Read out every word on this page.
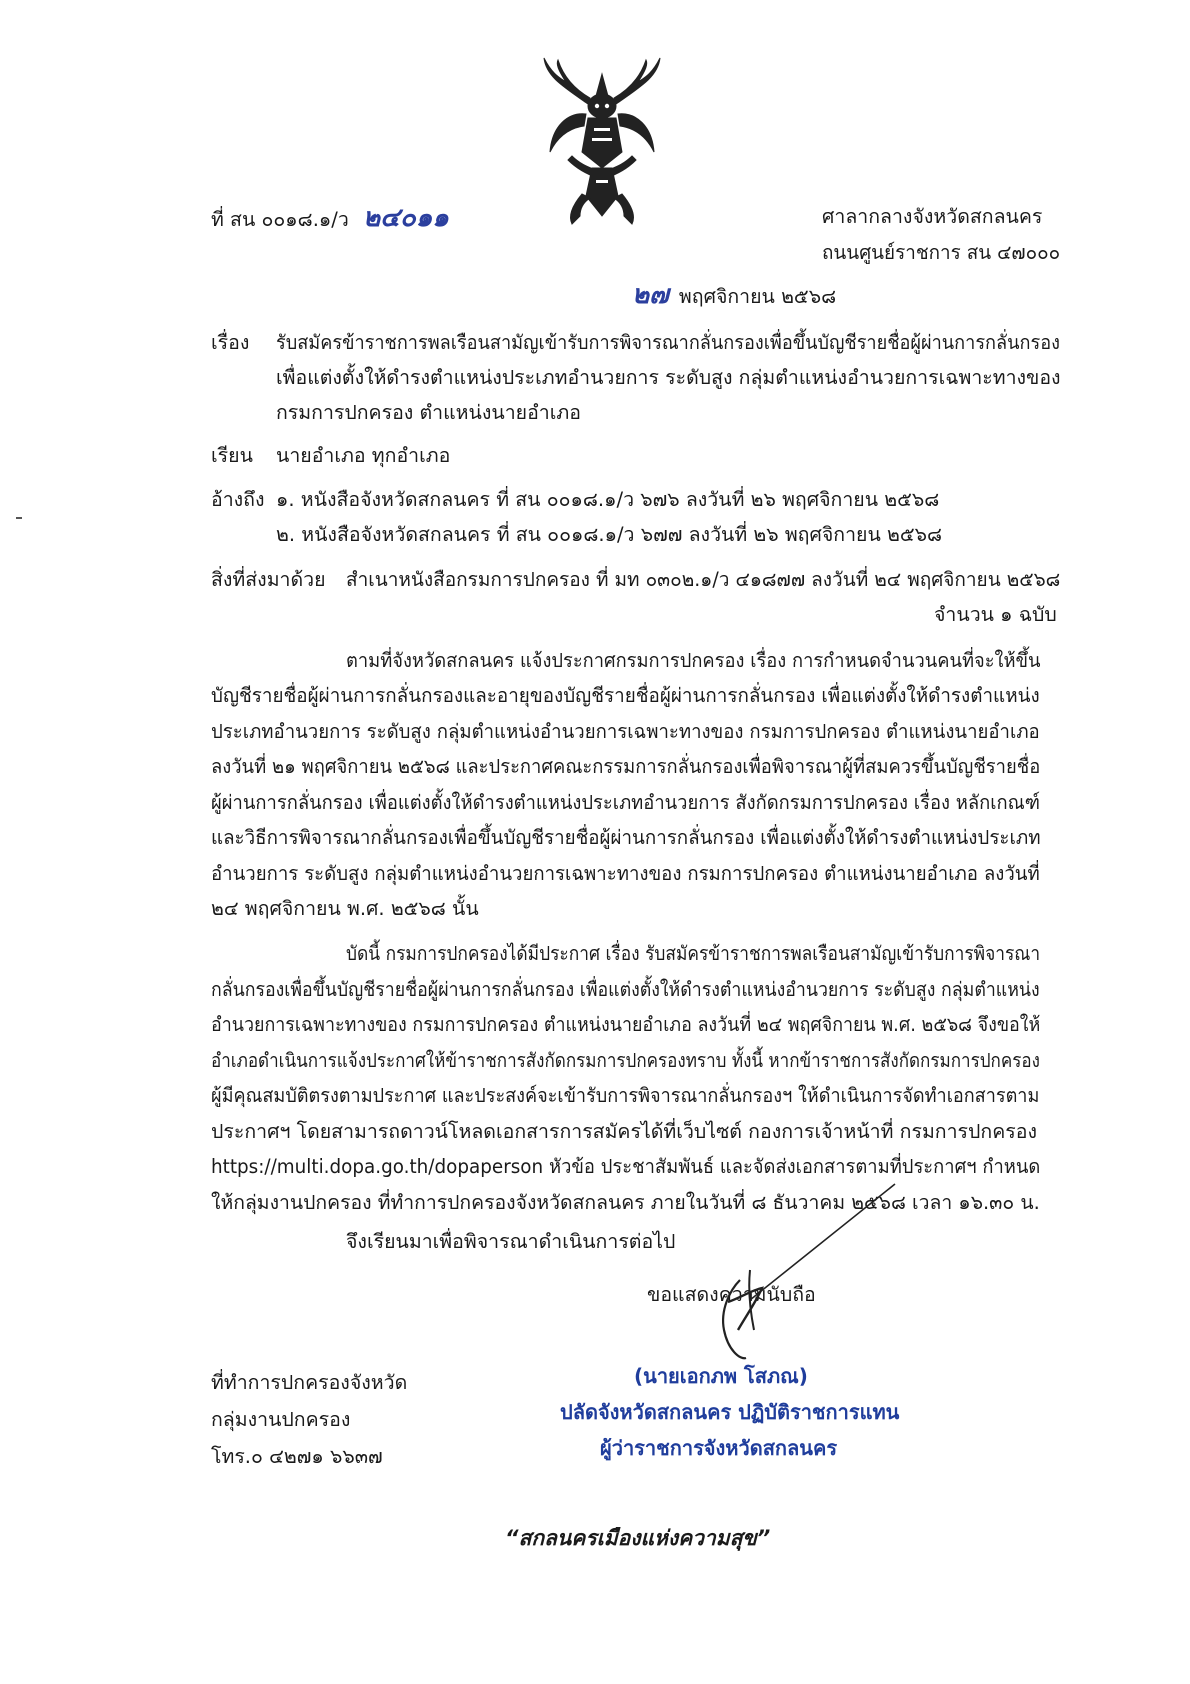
ที่ สน ๐๐๑๘.๑/ว ๒๔๐๑๑	ศาลากลางจังหวัดสกลนคร
ถนนศูนย์ราชการ สน ๔๗๐๐๐
๒๗ พฤศจิกายน ๒๕๖๘
เรื่อง รับสมัครข้าราชการพลเรือนสามัญเข้ารับการพิจารณากลั่นกรองเพื่อขึ้นบัญชีรายชื่อผู้ผ่านการกลั่นกรอง
เพื่อแต่งตั้งให้ดำรงตำแหน่งประเภทอำนวยการ ระดับสูง กลุ่มตำแหน่งอำนวยการเฉพาะทางของ
กรมการปกครอง ตำแหน่งนายอำเภอ
เรียน นายอำเภอ ทุกอำเภอ
อ้างถึง ๑. หนังสือจังหวัดสกลนคร ที่ สน ๐๐๑๘.๑/ว ๖๗๖ ลงวันที่ ๒๖ พฤศจิกายน ๒๕๖๘
๒. หนังสือจังหวัดสกลนคร ที่ สน ๐๐๑๘.๑/ว ๖๗๗ ลงวันที่ ๒๖ พฤศจิกายน ๒๕๖๘
สิ่งที่ส่งมาด้วย สำเนาหนังสือกรมการปกครอง ที่ มท ๐๓๐๒.๑/ว ๔๑๘๗๗ ลงวันที่ ๒๔ พฤศจิกายน ๒๕๖๘
จำนวน ๑ ฉบับ
ตามที่จังหวัดสกลนคร แจ้งประกาศกรมการปกครอง เรื่อง การกำหนดจำนวนคนที่จะให้ขึ้น
บัญชีรายชื่อผู้ผ่านการกลั่นกรองและอายุของบัญชีรายชื่อผู้ผ่านการกลั่นกรอง เพื่อแต่งตั้งให้ดำรงตำแหน่ง
ประเภทอำนวยการ ระดับสูง กลุ่มตำแหน่งอำนวยการเฉพาะทางของ กรมการปกครอง ตำแหน่งนายอำเภอ
ลงวันที่ ๒๑ พฤศจิกายน ๒๕๖๘ และประกาศคณะกรรมการกลั่นกรองเพื่อพิจารณาผู้ที่สมควรขึ้นบัญชีรายชื่อ
ผู้ผ่านการกลั่นกรอง เพื่อแต่งตั้งให้ดำรงตำแหน่งประเภทอำนวยการ สังกัดกรมการปกครอง เรื่อง หลักเกณฑ์
และวิธีการพิจารณากลั่นกรองเพื่อขึ้นบัญชีรายชื่อผู้ผ่านการกลั่นกรอง เพื่อแต่งตั้งให้ดำรงตำแหน่งประเภท
อำนวยการ ระดับสูง กลุ่มตำแหน่งอำนวยการเฉพาะทางของ กรมการปกครอง ตำแหน่งนายอำเภอ ลงวันที่
๒๔ พฤศจิกายน พ.ศ. ๒๕๖๘ นั้น
บัดนี้ กรมการปกครองได้มีประกาศ เรื่อง รับสมัครข้าราชการพลเรือนสามัญเข้ารับการพิจารณา
กลั่นกรองเพื่อขึ้นบัญชีรายชื่อผู้ผ่านการกลั่นกรอง เพื่อแต่งตั้งให้ดำรงตำแหน่งอำนวยการ ระดับสูง กลุ่มตำแหน่ง
อำนวยการเฉพาะทางของ กรมการปกครอง ตำแหน่งนายอำเภอ ลงวันที่ ๒๔ พฤศจิกายน พ.ศ. ๒๕๖๘ จึงขอให้
อำเภอดำเนินการแจ้งประกาศให้ข้าราชการสังกัดกรมการปกครองทราบ ทั้งนี้ หากข้าราชการสังกัดกรมการปกครอง
ผู้มีคุณสมบัติตรงตามประกาศ และประสงค์จะเข้ารับการพิจารณากลั่นกรองฯ ให้ดำเนินการจัดทำเอกสารตาม
ประกาศฯ โดยสามารถดาวน์โหลดเอกสารการสมัครได้ที่เว็บไซต์ กองการเจ้าหน้าที่ กรมการปกครอง
https://multi.dopa.go.th/dopaperson หัวข้อ ประชาสัมพันธ์ และจัดส่งเอกสารตามที่ประกาศฯ กำหนด
ให้กลุ่มงานปกครอง ที่ทำการปกครองจังหวัดสกลนคร ภายในวันที่ ๘ ธันวาคม ๒๕๖๘ เวลา ๑๖.๓๐ น.
จึงเรียนมาเพื่อพิจารณาดำเนินการต่อไป
ขอแสดงความนับถือ
(นายเอกภพ โสภณ)
ปลัดจังหวัดสกลนคร ปฏิบัติราชการแทน
ผู้ว่าราชการจังหวัดสกลนคร
ที่ทำการปกครองจังหวัด
กลุ่มงานปกครอง
โทร.๐ ๔๒๗๑ ๖๖๓๗
“สกลนครเมืองแห่งความสุข”
